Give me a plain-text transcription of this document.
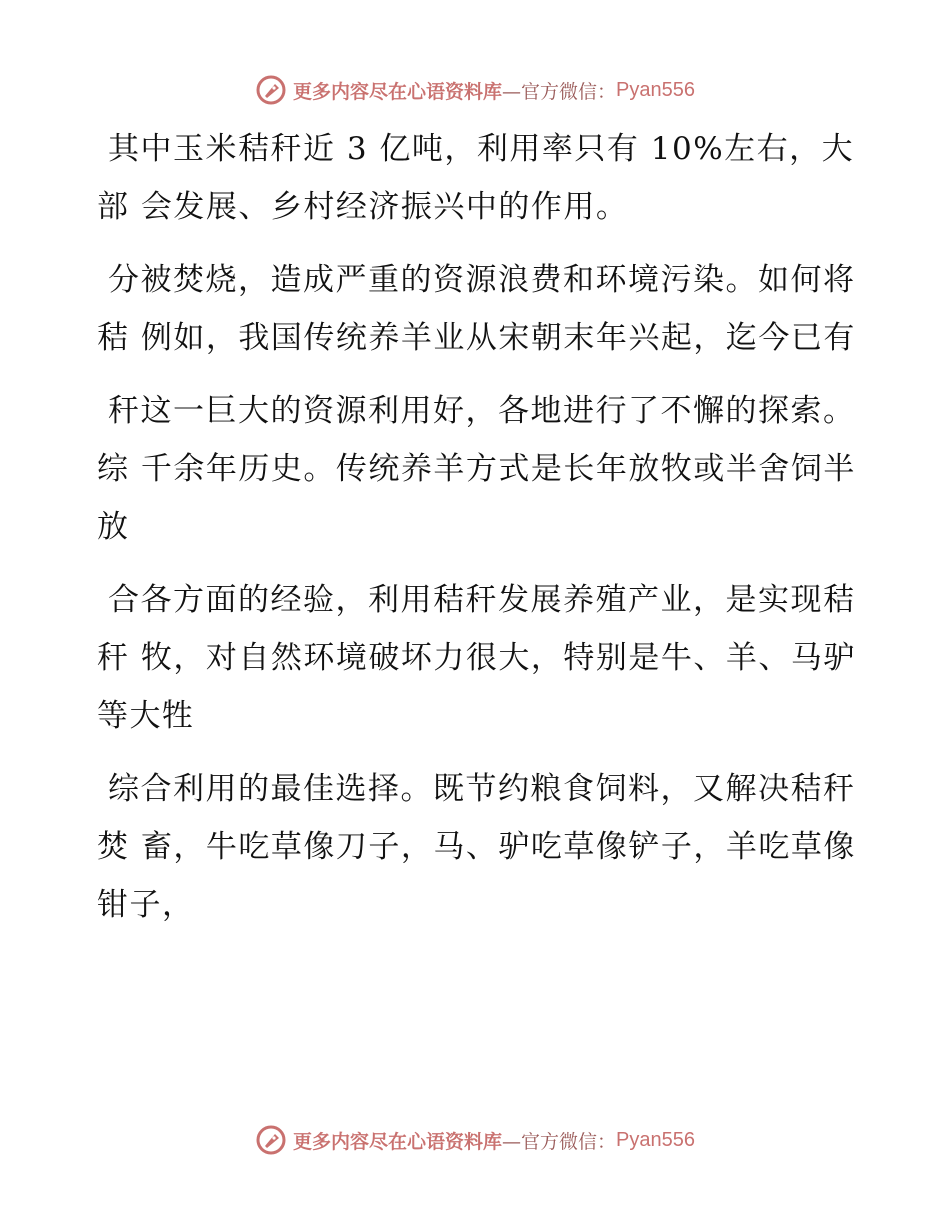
更多内容尽在心语资料库 —官方微信： Pyan556

其中玉米秸秆近 3 亿吨，利用率只有 10%左右，大部 会发展、乡村经济振兴中的作用。

分被焚烧，造成严重的资源浪费和环境污染。如何将秸 例如，我国传统养羊业从宋朝末年兴起，迄今已有

秆这一巨大的资源利用好，各地进行了不懈的探索。综 千余年历史。传统养羊方式是长年放牧或半舍饲半放

合各方面的经验，利用秸秆发展养殖产业，是实现秸秆 牧，对自然环境破坏力很大，特别是牛、羊、马驴等大牲

综合利用的最佳选择。既节约粮食饲料，又解决秸秆焚 畜，牛吃草像刀子，马、驴吃草像铲子，羊吃草像钳子，

更多内容尽在心语资料库 —官方微信： Pyan556
